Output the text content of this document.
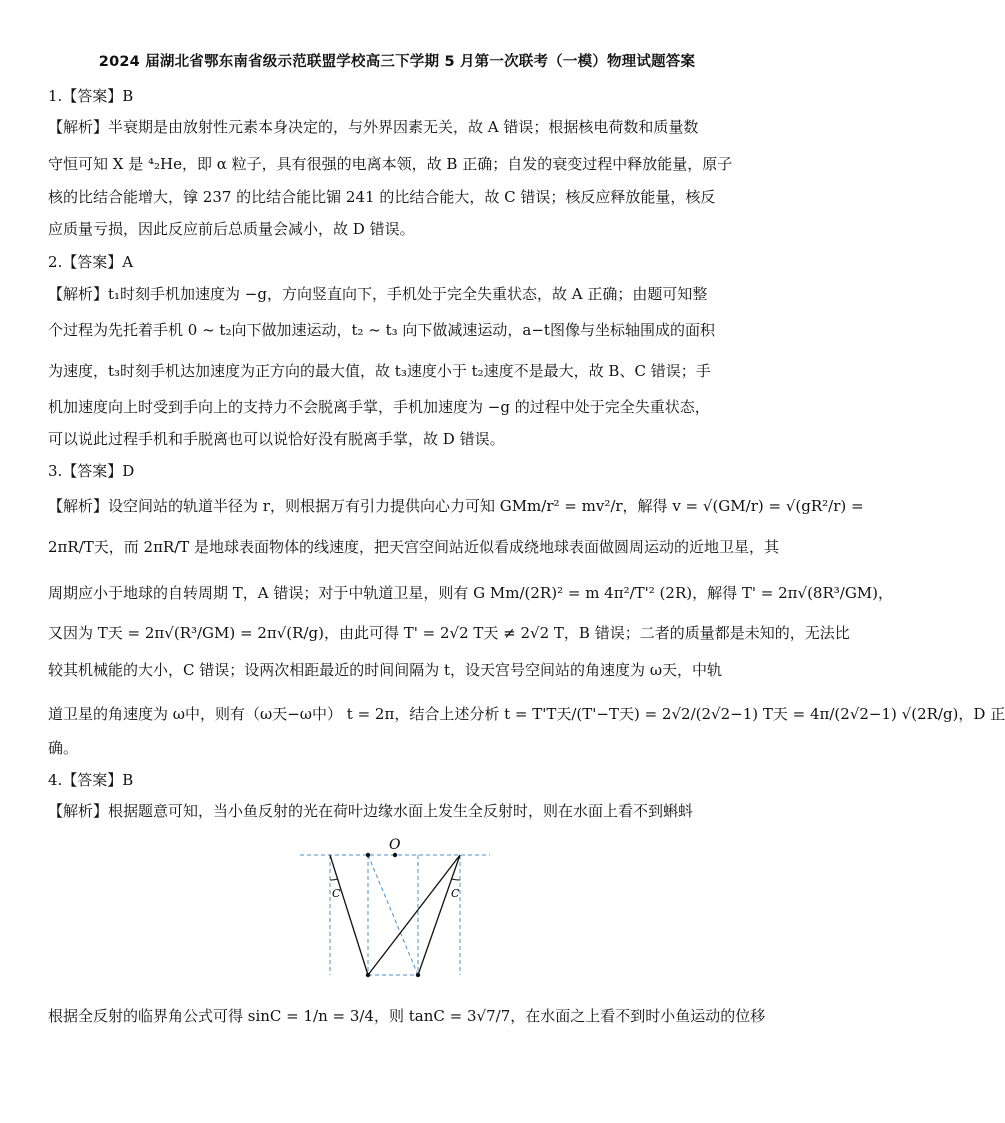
2024 届湖北省鄂东南省级示范联盟学校高三下学期 5 月第一次联考（一模）物理试题答案
1.【答案】B
【解析】半衰期是由放射性元素本身决定的，与外界因素无关，故 A 错误；根据核电荷数和质量数
守恒可知 X 是 ⁴₂He，即 α 粒子，具有很强的电离本领，故 B 正确；自发的衰变过程中释放能量，原子
核的比结合能增大，镎 237 的比结合能比镅 241 的比结合能大，故 C 错误；核反应释放能量，核反
应质量亏损，因此反应前后总质量会减小，故 D 错误。
2.【答案】A
【解析】t₁时刻手机加速度为 −g，方向竖直向下，手机处于完全失重状态，故 A 正确；由题可知整
个过程为先托着手机 0 ~ t₂向下做加速运动，t₂ ~ t₃ 向下做减速运动，a−t图像与坐标轴围成的面积
为速度，t₃时刻手机达加速度为正方向的最大值，故 t₃速度小于 t₂速度不是最大，故 B、C 错误；手
机加速度向上时受到手向上的支持力不会脱离手掌，手机加速度为 −g 的过程中处于完全失重状态，
可以说此过程手机和手脱离也可以说恰好没有脱离手掌，故 D 错误。
3.【答案】D
【解析】设空间站的轨道半径为 r，则根据万有引力提供向心力可知 GMm/r² = mv²/r，解得 v = √(GM/r) = √(gR²/r) =
2πR/T天，而 2πR/T 是地球表面物体的线速度，把天宫空间站近似看成绕地球表面做圆周运动的近地卫星，其
周期应小于地球的自转周期 T，A 错误；对于中轨道卫星，则有 G Mm/(2R)² = m 4π²/T'² (2R)，解得 T' = 2π√(8R³/GM)，
又因为 T天 = 2π√(R³/GM) = 2π√(R/g)，由此可得 T' = 2√2 T天 ≠ 2√2 T，B 错误；二者的质量都是未知的，无法比
较其机械能的大小，C 错误；设两次相距最近的时间间隔为 t，设天宫号空间站的角速度为 ω天，中轨
道卫星的角速度为 ω中，则有（ω天−ω中） t = 2π，结合上述分析 t = T'T天/(T'−T天) = 2√2/(2√2−1) T天 = 4π/(2√2−1) √(2R/g)，D 正
确。
4.【答案】B
【解析】根据题意可知，当小鱼反射的光在荷叶边缘水面上发生全反射时，则在水面上看不到蝌蚪
O
C	C
根据全反射的临界角公式可得 sinC = 1/n = 3/4，则 tanC = 3√7/7，在水面之上看不到时小鱼运动的位移
